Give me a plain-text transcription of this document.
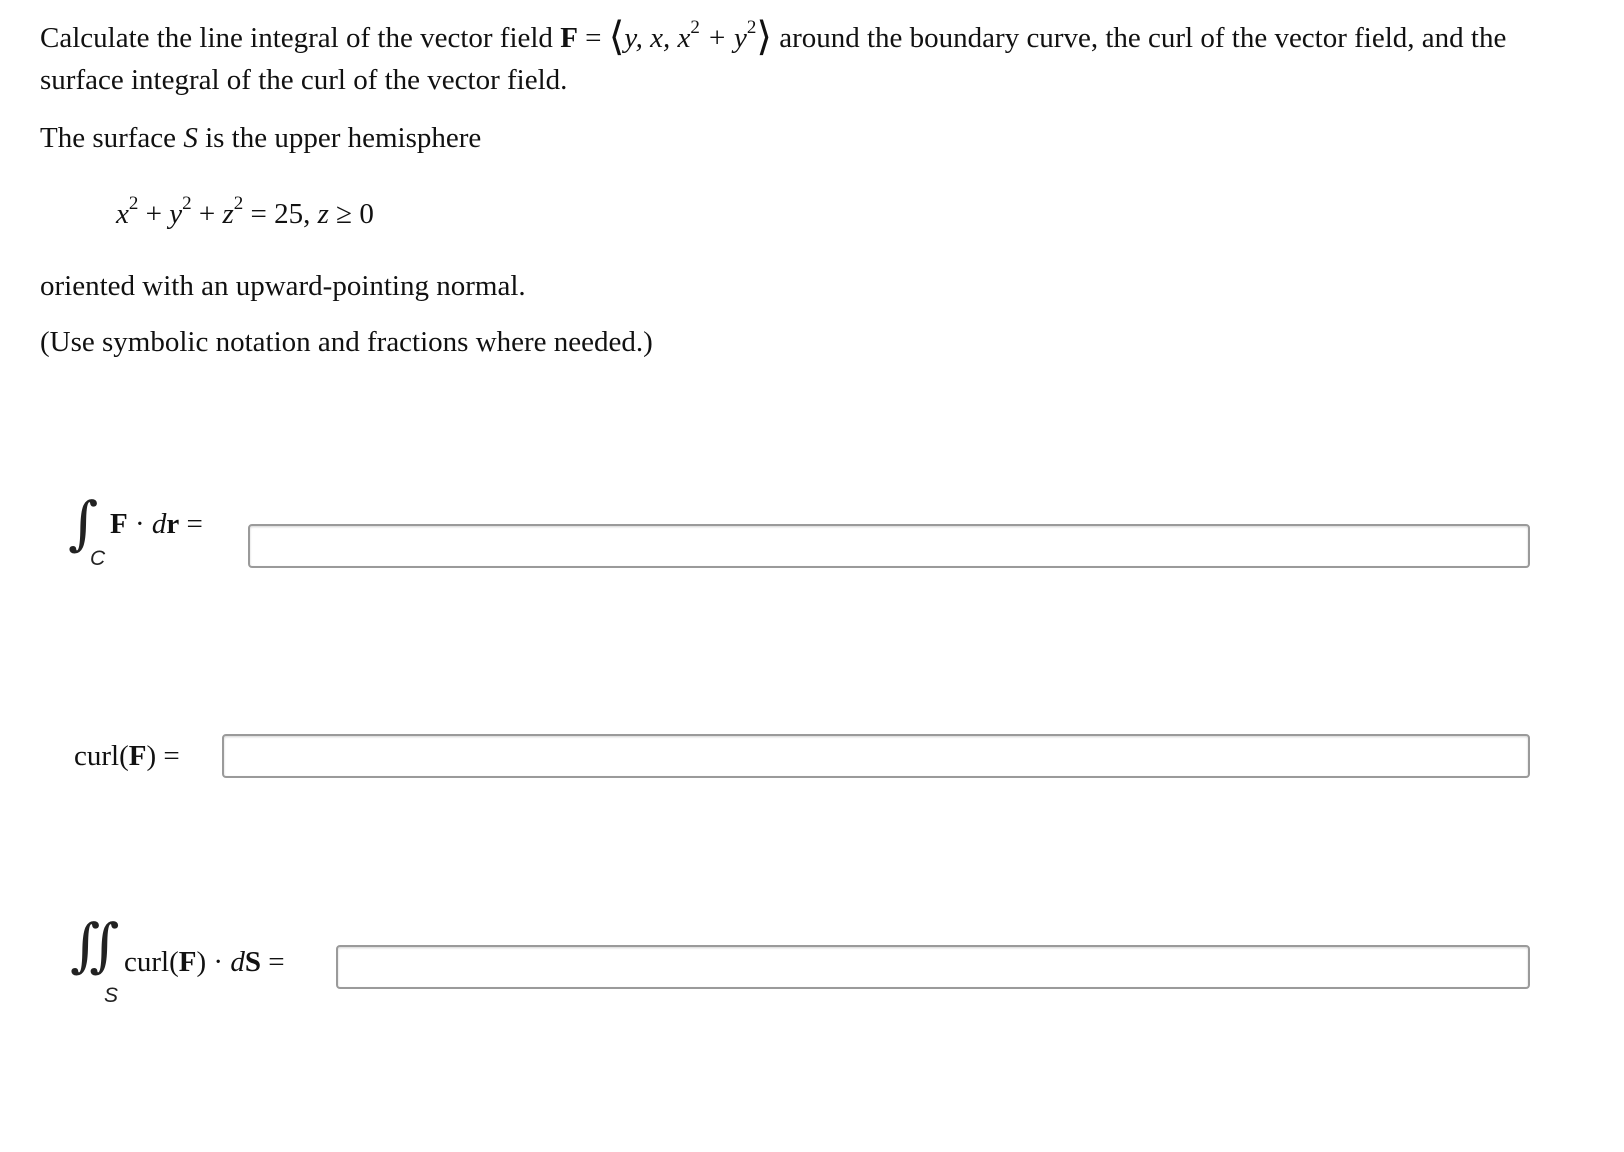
Calculate the line integral of the vector field F = ⟨y, x, $x^2$ + $y^2⟩$ around the boundary curve, the curl of the vector field, and the
surface integral of the curl of the vector field.
The surface S is the upper hemisphere
$x^2 + y^2 + z^2 = 25$, z ≥ 0
oriented with an upward-pointing normal.
(Use symbolic notation and fractions where needed.)
∫
C
F · dr =
curl(F) =
∬
S
curl(F) · dS =
